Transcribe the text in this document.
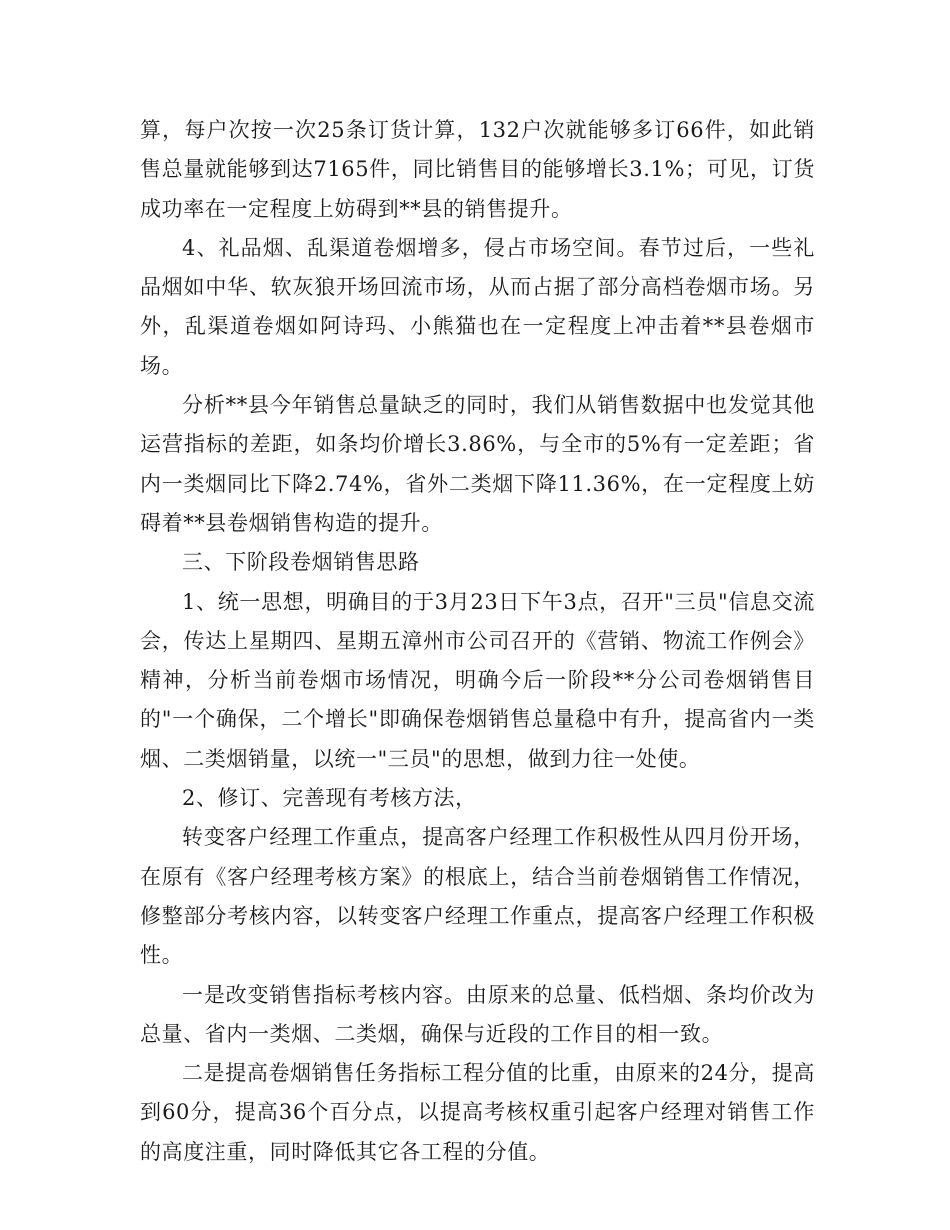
算，每户次按一次25条订货计算，132户次就能够多订66件，如此销售总量就能够到达7165件，同比销售目的能够增长3.1%；可见，订货成功率在一定程度上妨碍到**县的销售提升。

4、礼品烟、乱渠道卷烟增多，侵占市场空间。春节过后，一些礼品烟如中华、软灰狼开场回流市场，从而占据了部分高档卷烟市场。另外，乱渠道卷烟如阿诗玛、小熊猫也在一定程度上冲击着**县卷烟市场。

分析**县今年销售总量缺乏的同时，我们从销售数据中也发觉其他运营指标的差距，如条均价增长3.86%，与全市的5%有一定差距；省内一类烟同比下降2.74%，省外二类烟下降11.36%，在一定程度上妨碍着**县卷烟销售构造的提升。

三、下阶段卷烟销售思路

1、统一思想，明确目的于3月23日下午3点，召开"三员"信息交流会，传达上星期四、星期五漳州市公司召开的《营销、物流工作例会》精神，分析当前卷烟市场情况，明确今后一阶段**分公司卷烟销售目的"一个确保，二个增长"即确保卷烟销售总量稳中有升，提高省内一类烟、二类烟销量，以统一"三员"的思想，做到力往一处使。

2、修订、完善现有考核方法，

转变客户经理工作重点，提高客户经理工作积极性从四月份开场，在原有《客户经理考核方案》的根底上，结合当前卷烟销售工作情况，修整部分考核内容，以转变客户经理工作重点，提高客户经理工作积极性。

一是改变销售指标考核内容。由原来的总量、低档烟、条均价改为总量、省内一类烟、二类烟，确保与近段的工作目的相一致。

二是提高卷烟销售任务指标工程分值的比重，由原来的24分，提高到60分，提高36个百分点，以提高考核权重引起客户经理对销售工作的高度注重，同时降低其它各工程的分值。
